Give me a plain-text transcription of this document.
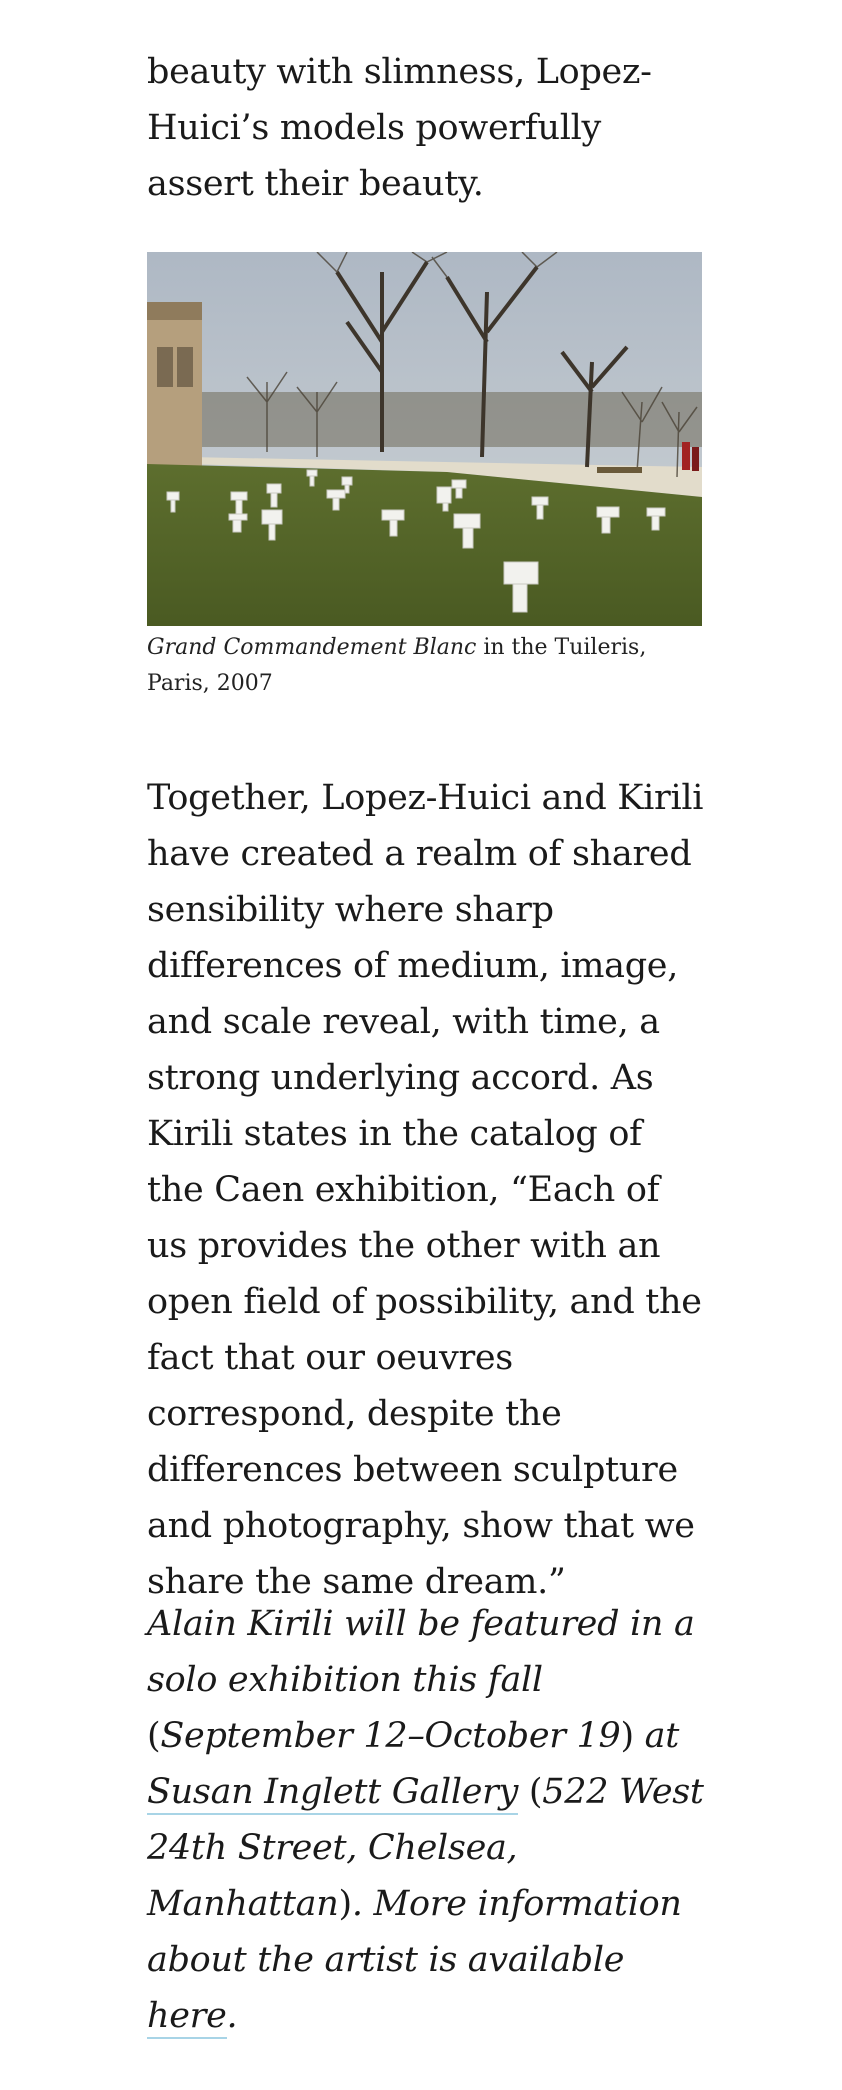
beauty with slimness, Lopez-Huici’s models powerfully assert their beauty.

Grand Commandement Blanc in the Tuileris, Paris, 2007

Together, Lopez-Huici and Kirili have created a realm of shared sensibility where sharp differences of medium, image, and scale reveal, with time, a strong underlying accord. As Kirili states in the catalog of the Caen exhibition, “Each of us provides the other with an open field of possibility, and the fact that our oeuvres correspond, despite the differences between sculpture and photography, show that we share the same dream.”

Alain Kirili will be featured in a solo exhibition this fall (September 12–October 19) at Susan Inglett Gallery (522 West 24th Street, Chelsea, Manhattan). More information about the artist is available here.
